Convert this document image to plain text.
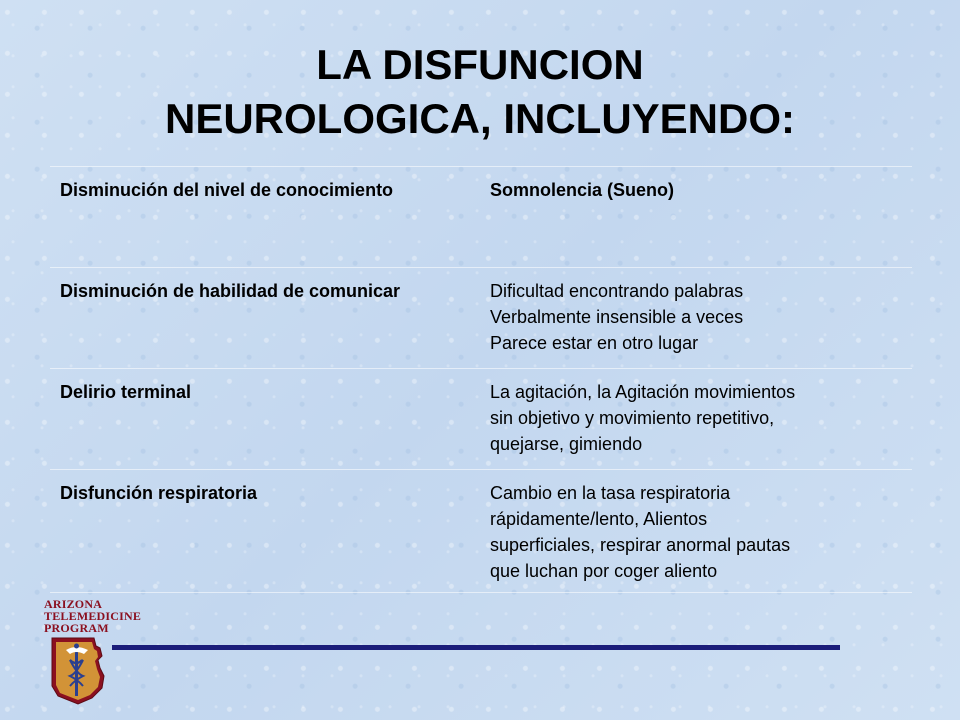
LA DISFUNCION
NEUROLOGICA, INCLUYENDO:
Disminución del nivel de conocimiento	Somnolencia (Sueno)
Disminución de habilidad de comunicar	Dificultad encontrando palabras
Verbalmente insensible a veces
Parece estar en otro lugar
Delirio terminal	La agitación, la Agitación movimientos
sin objetivo y movimiento repetitivo,
quejarse, gimiendo
Disfunción respiratoria	Cambio en la tasa respiratoria
rápidamente/lento, Alientos
superficiales, respirar anormal pautas
que luchan por coger aliento
ARIZONA
TELEMEDICINE
PROGRAM
